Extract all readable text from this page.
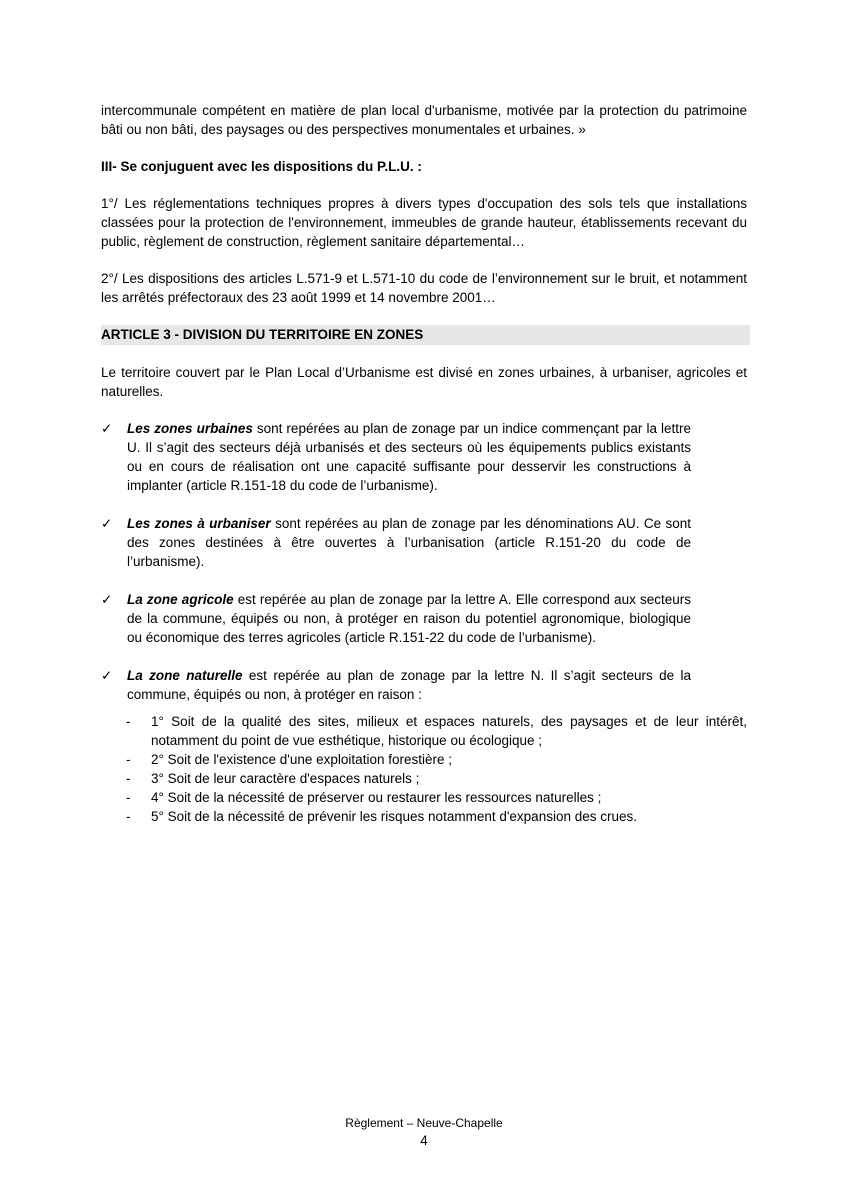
intercommunale compétent en matière de plan local d'urbanisme, motivée par la protection du patrimoine bâti ou non bâti, des paysages ou des perspectives monumentales et urbaines. »

III- Se conjuguent avec les dispositions du P.L.U. :

1°/ Les réglementations techniques propres à divers types d'occupation des sols tels que installations classées pour la protection de l'environnement, immeubles de grande hauteur, établissements recevant du public, règlement de construction, règlement sanitaire départemental…

2°/ Les dispositions des articles L.571-9 et L.571-10 du code de l’environnement sur le bruit, et notamment les arrêtés préfectoraux des 23 août 1999 et 14 novembre 2001…

ARTICLE 3 - DIVISION DU TERRITOIRE EN ZONES

Le territoire couvert par le Plan Local d’Urbanisme est divisé en zones urbaines, à urbaniser, agricoles et naturelles.

✓	Les zones urbaines sont repérées au plan de zonage par un indice commençant par la lettre U. Il s’agit des secteurs déjà urbanisés et des secteurs où les équipements publics existants ou en cours de réalisation ont une capacité suffisante pour desservir les constructions à implanter (article R.151-18 du code de l’urbanisme).

✓	Les zones à urbaniser sont repérées au plan de zonage par les dénominations AU. Ce sont des zones destinées à être ouvertes à l’urbanisation (article R.151-20 du code de l’urbanisme).

✓	La zone agricole est repérée au plan de zonage par la lettre A. Elle correspond aux secteurs de la commune, équipés ou non, à protéger en raison du potentiel agronomique, biologique ou économique des terres agricoles (article R.151-22 du code de l’urbanisme).

✓	La zone naturelle est repérée au plan de zonage par la lettre N. Il s’agit secteurs de la commune, équipés ou non, à protéger en raison :

- 1° Soit de la qualité des sites, milieux et espaces naturels, des paysages et de leur intérêt, notamment du point de vue esthétique, historique ou écologique ;
- 2° Soit de l'existence d'une exploitation forestière ;
- 3° Soit de leur caractère d'espaces naturels ;
- 4° Soit de la nécessité de préserver ou restaurer les ressources naturelles ;
- 5° Soit de la nécessité de prévenir les risques notamment d'expansion des crues.
Règlement – Neuve-Chapelle
4
